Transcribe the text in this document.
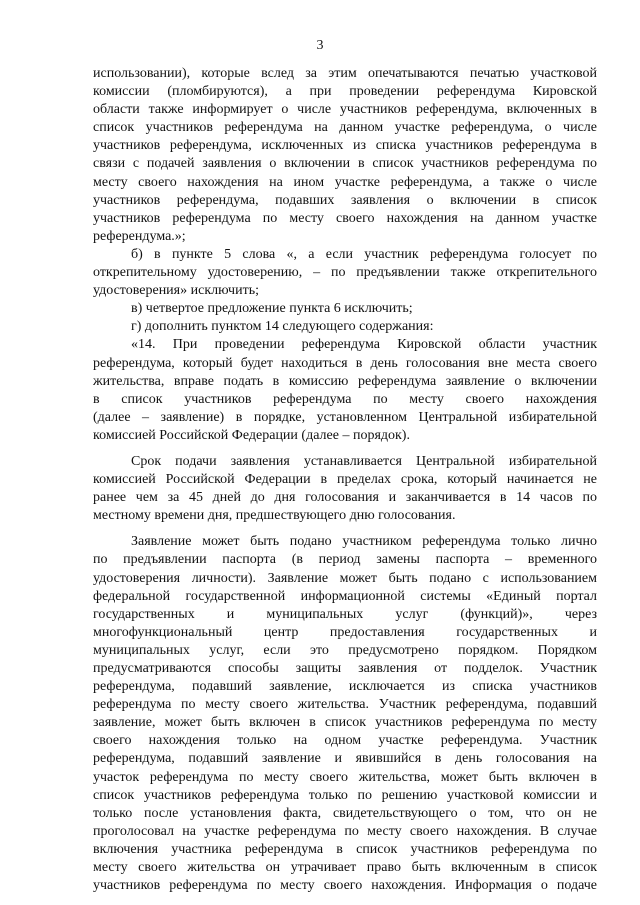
3
использовании), которые вслед за этим опечатываются печатью участковой
комиссии (пломбируются), а при проведении референдума Кировской
области также информирует о числе участников референдума, включенных в
список участников референдума на данном участке референдума, о числе
участников референдума, исключенных из списка участников референдума в
связи с подачей заявления о включении в список участников референдума по
месту своего нахождения на ином участке референдума, а также о числе
участников референдума, подавших заявления о включении в список
участников референдума по месту своего нахождения на данном участке
референдума.»;
б) в пункте 5 слова «, а если участник референдума голосует по
открепительному удостоверению, – по предъявлении также открепительного
удостоверения» исключить;
в) четвертое предложение пункта 6 исключить;
г) дополнить пунктом 14 следующего содержания:
«14. При проведении референдума Кировской области участник
референдума, который будет находиться в день голосования вне места своего
жительства, вправе подать в комиссию референдума заявление о включении
в список участников референдума по месту своего нахождения
(далее – заявление) в порядке, установленном Центральной избирательной
комиссией Российской Федерации (далее – порядок).
Срок подачи заявления устанавливается Центральной избирательной
комиссией Российской Федерации в пределах срока, который начинается не
ранее чем за 45 дней до дня голосования и заканчивается в 14 часов по
местному времени дня, предшествующего дню голосования.
Заявление может быть подано участником референдума только лично
по предъявлении паспорта (в период замены паспорта – временного
удостоверения личности). Заявление может быть подано с использованием
федеральной государственной информационной системы «Единый портал
государственных и муниципальных услуг (функций)», через
многофункциональный центр предоставления государственных и
муниципальных услуг, если это предусмотрено порядком. Порядком
предусматриваются способы защиты заявления от подделок. Участник
референдума, подавший заявление, исключается из списка участников
референдума по месту своего жительства. Участник референдума, подавший
заявление, может быть включен в список участников референдума по месту
своего нахождения только на одном участке референдума. Участник
референдума, подавший заявление и явившийся в день голосования на
участок референдума по месту своего жительства, может быть включен в
список участников референдума только по решению участковой комиссии и
только после установления факта, свидетельствующего о том, что он не
проголосовал на участке референдума по месту своего нахождения. В случае
включения участника референдума в список участников референдума по
месту своего жительства он утрачивает право быть включенным в список
участников референдума по месту своего нахождения. Информация о подаче
